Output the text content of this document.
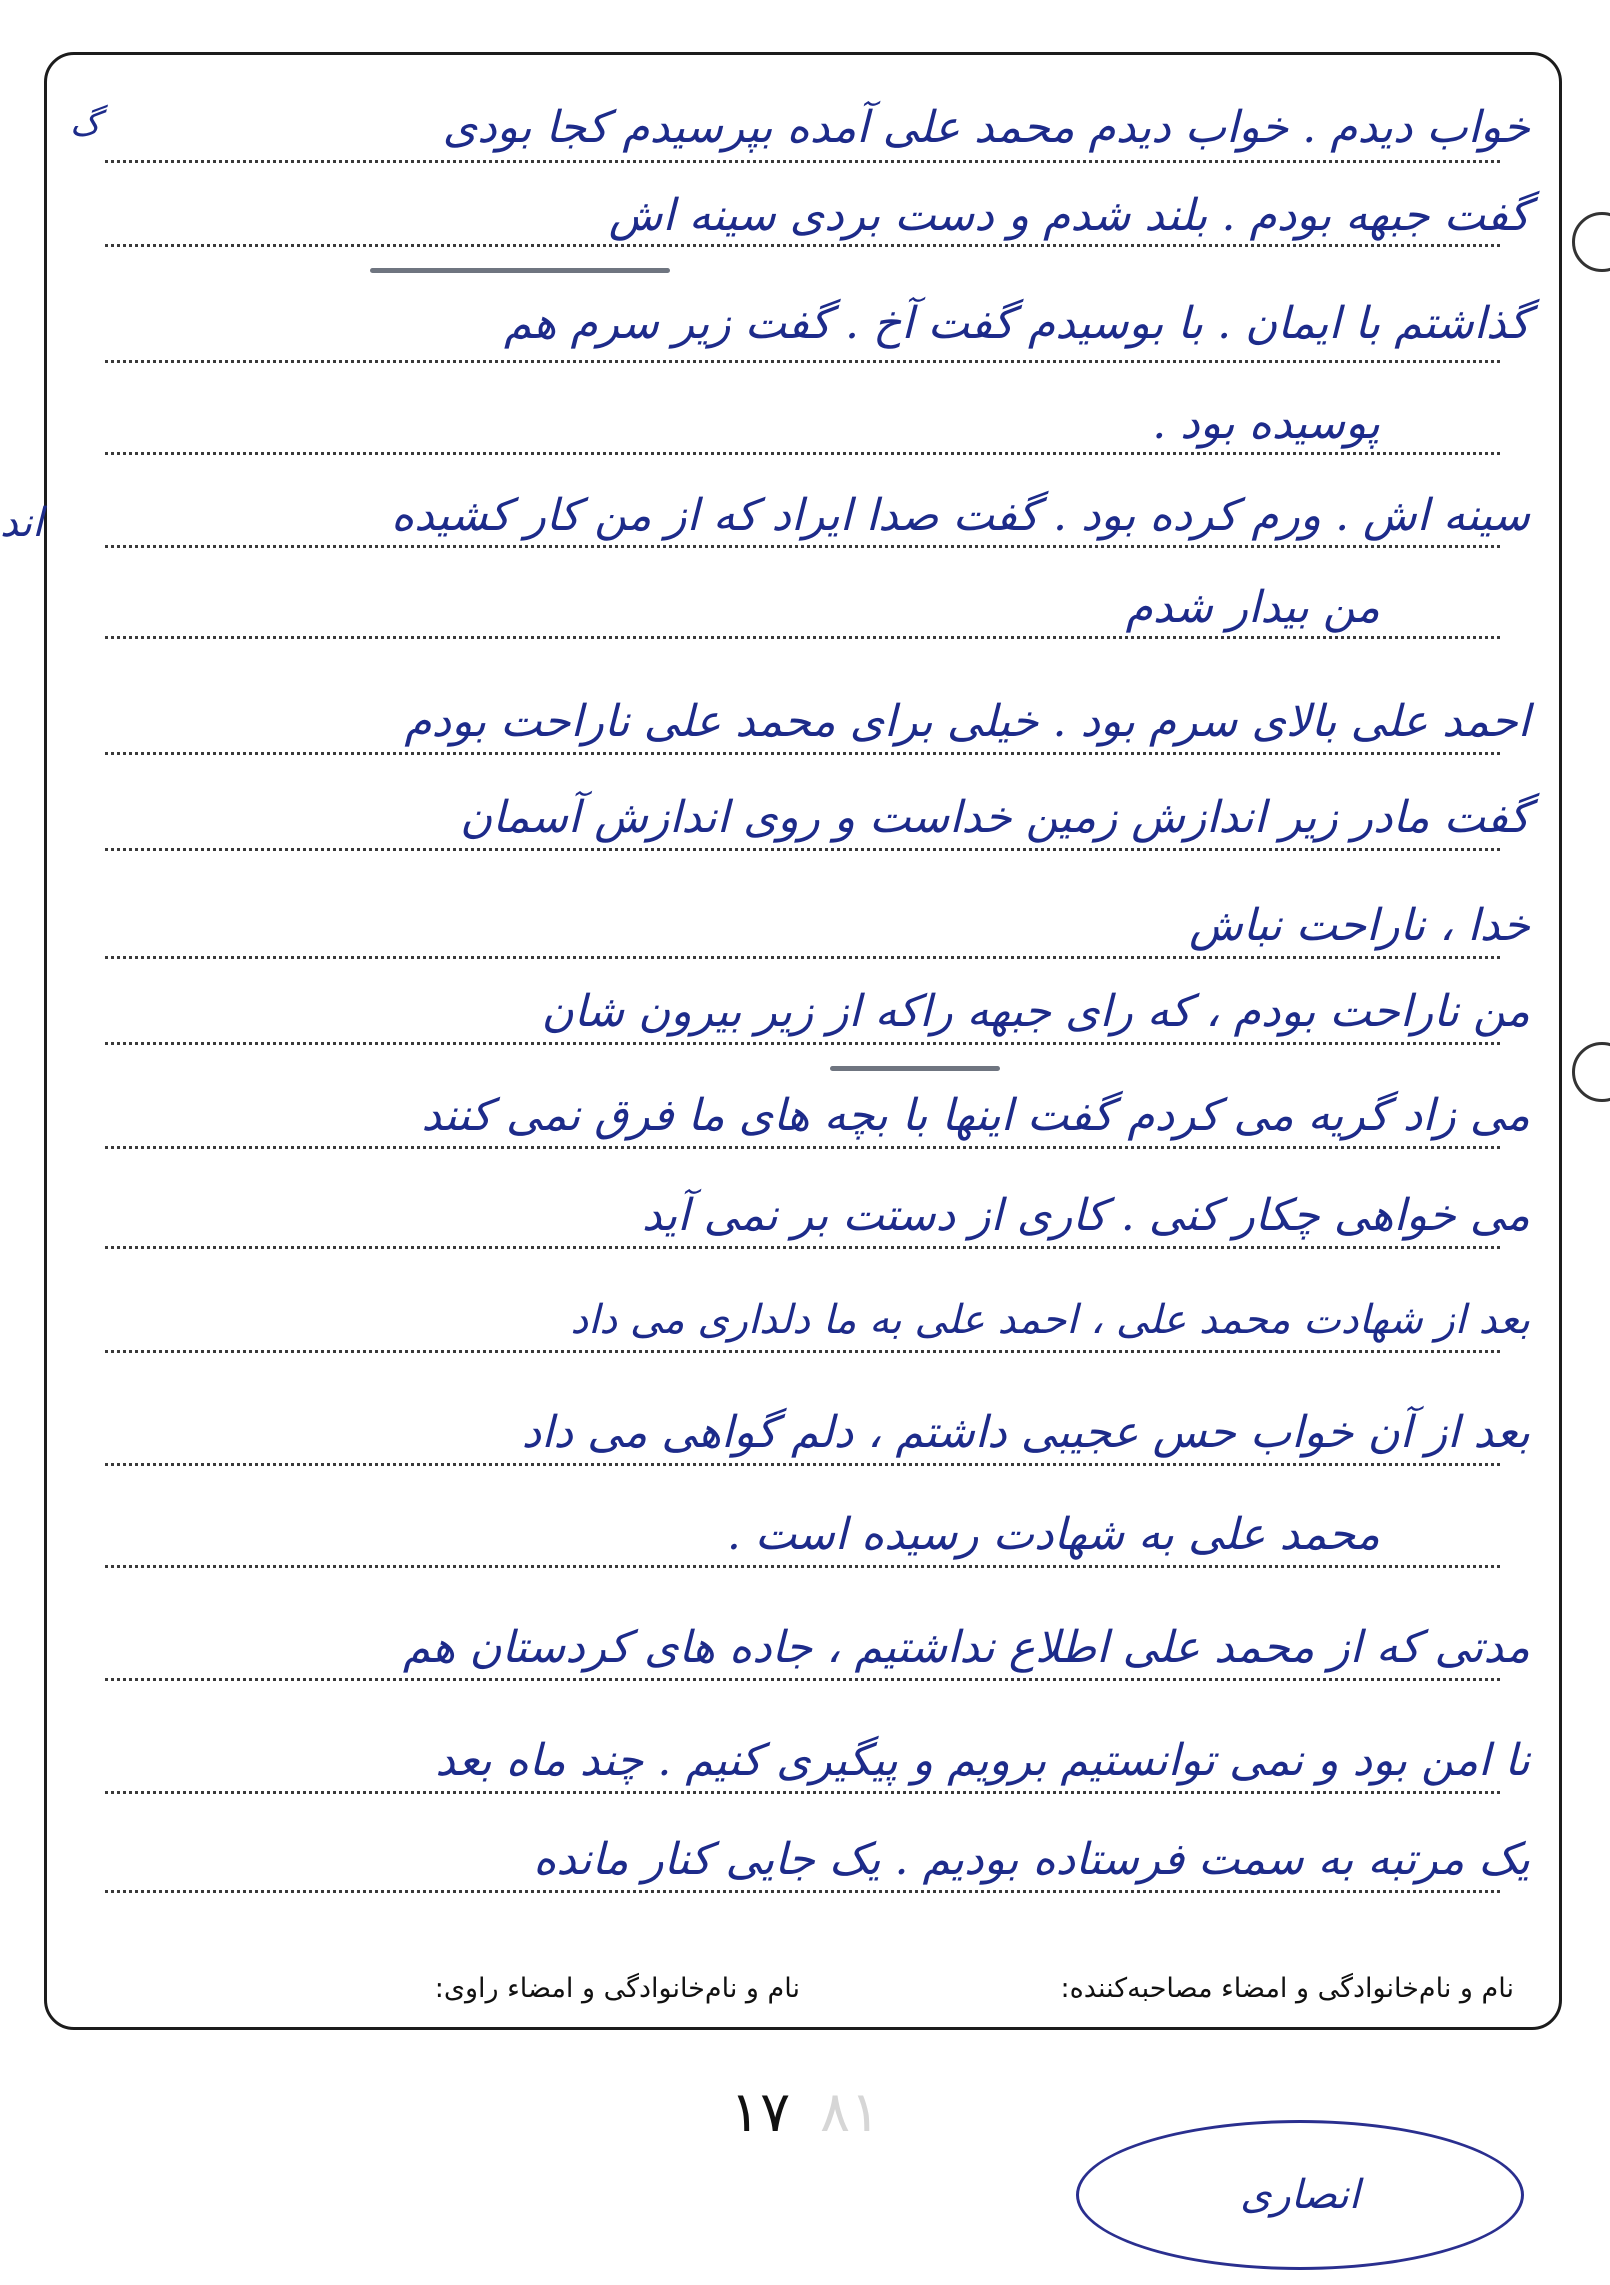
گ
اند
خواب دیدم . خواب دیدم محمد علی آمده بپرسیدم کجا بودی
گفت جبهه بودم . بلند شدم و دست بردی سینه اش
گذاشتم با ایمان . با بوسیدم گفت آخ . گفت زیر سرم هم
پوسیده بود .
سینه اش . ورم کرده بود . گفت صدا ایراد که از من کار کشیده
من بیدار شدم
احمد علی بالای سرم بود . خیلی برای محمد علی ناراحت بودم
گفت مادر زیر اندازش زمین خداست و روی اندازش آسمان
خدا ، ناراحت نباش
من ناراحت بودم ، که رای جبهه راکه از زیر بیرون شان
می زاد گریه می کردم گفت اینها با بچه های ما فرق نمی کنند
می خواهی چکار کنی . کاری از دستت بر نمی آید
بعد از شهادت محمد علی ، احمد علی به ما دلداری می داد
بعد از آن خواب حس عجیبی داشتم ، دلم گواهی می داد
محمد علی به شهادت رسیده است .
مدتی که از محمد علی اطلاع نداشتیم ، جاده های کردستان هم
نا امن بود و نمی توانستیم برویم و پیگیری کنیم . چند ماه بعد
یک مرتبه به سمت فرستاده بودیم . یک جایی کنار مانده
نام و نام‌خانوادگی و امضاء مصاحبه‌کننده:
نام و نام‌خانوادگی و امضاء راوی:
۱۷ ۸۱
انصاری
